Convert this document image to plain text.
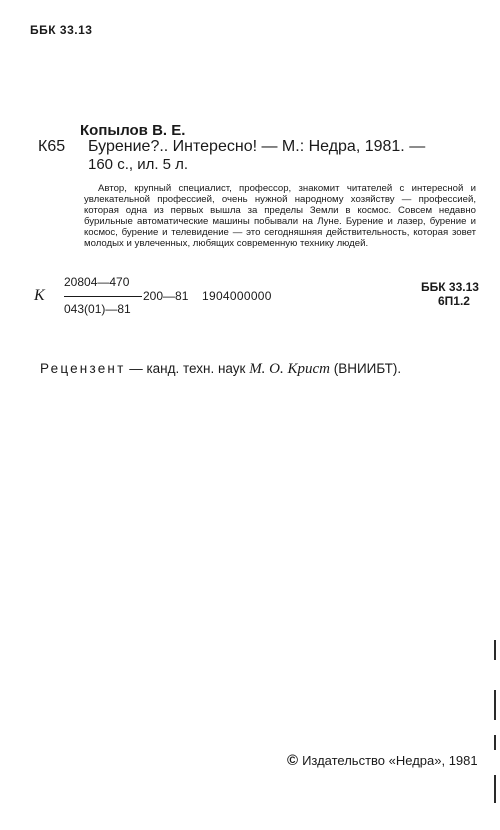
ББК 33.13
Копылов В. Е.
К65 Бурение?.. Интересно! — М.: Недра, 1981. —
160 с., ил. 5 л.
Автор, крупный специалист, профессор, знакомит читателей с интересной и увлекательной профессией, очень нужной народному хозяйству — профессией, которая одна из первых вышла за пределы Земли в космос. Совсем недавно бурильные автоматические машины побывали на Луне. Бурение и лазер, бурение и космос, бурение и телевидение — это сегодняшняя действительность, которая зовет молодых и увлеченных, любящих современную технику людей.
К
20804—470
200—81 1904000000
043(01)—81
ББК 33.13
6П1.2
Рецензент — канд. техн. наук М. О. Крист (ВНИИБТ).
© Издательство «Недра», 1981
